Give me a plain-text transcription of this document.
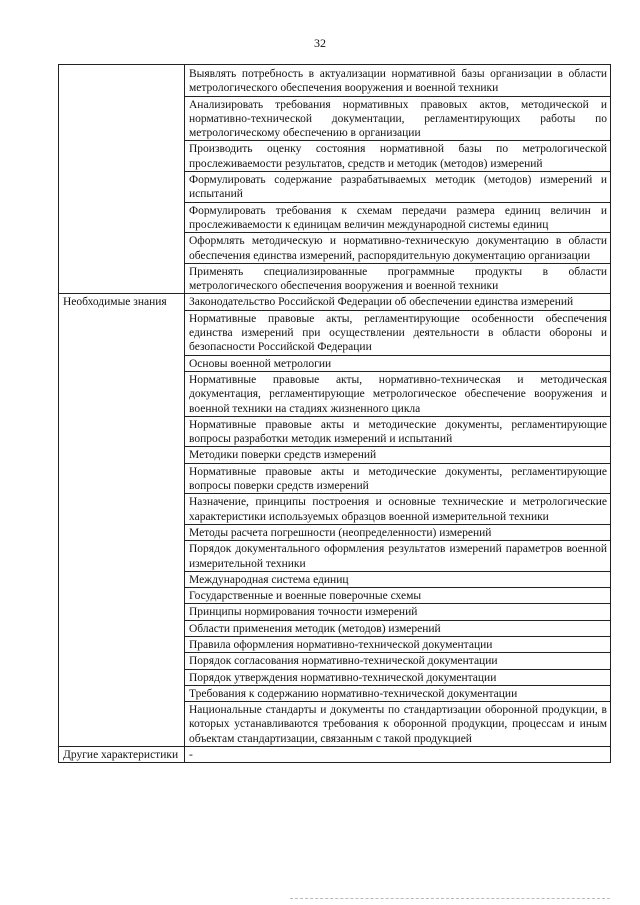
32
	Выявлять потребность в актуализации нормативной базы организации в области метрологического обеспечения вооружения и военной техники
	Анализировать требования нормативных правовых актов, методической и нормативно-технической документации, регламентирующих работы по метрологическому обеспечению в организации
	Производить оценку состояния нормативной базы по метрологической прослеживаемости результатов, средств и методик (методов) измерений
	Формулировать содержание разрабатываемых методик (методов) измерений и испытаний
	Формулировать требования к схемам передачи размера единиц величин и прослеживаемости к единицам величин международной системы единиц
	Оформлять методическую и нормативно-техническую документацию в области обеспечения единства измерений, распорядительную документацию организации
	Применять специализированные программные продукты в области метрологического обеспечения вооружения и военной техники
Необходимые знания	Законодательство Российской Федерации об обеспечении единства измерений
	Нормативные правовые акты, регламентирующие особенности обеспечения единства измерений при осуществлении деятельности в области обороны и безопасности Российской Федерации
	Основы военной метрологии
	Нормативные правовые акты, нормативно-техническая и методическая документация, регламентирующие метрологическое обеспечение вооружения и военной техники на стадиях жизненного цикла
	Нормативные правовые акты и методические документы, регламентирующие вопросы разработки методик измерений и испытаний
	Методики поверки средств измерений
	Нормативные правовые акты и методические документы, регламентирующие вопросы поверки средств измерений
	Назначение, принципы построения и основные технические и метрологические характеристики используемых образцов военной измерительной техники
	Методы расчета погрешности (неопределенности) измерений
	Порядок документального оформления результатов измерений параметров военной измерительной техники
	Международная система единиц
	Государственные и военные поверочные схемы
	Принципы нормирования точности измерений
	Области применения методик (методов) измерений
	Правила оформления нормативно-технической документации
	Порядок согласования нормативно-технической документации
	Порядок утверждения нормативно-технической документации
	Требования к содержанию нормативно-технической документации
	Национальные стандарты и документы по стандартизации оборонной продукции, в которых устанавливаются требования к оборонной продукции, процессам и иным объектам стандартизации, связанным с такой продукцией
Другие характеристики	-
